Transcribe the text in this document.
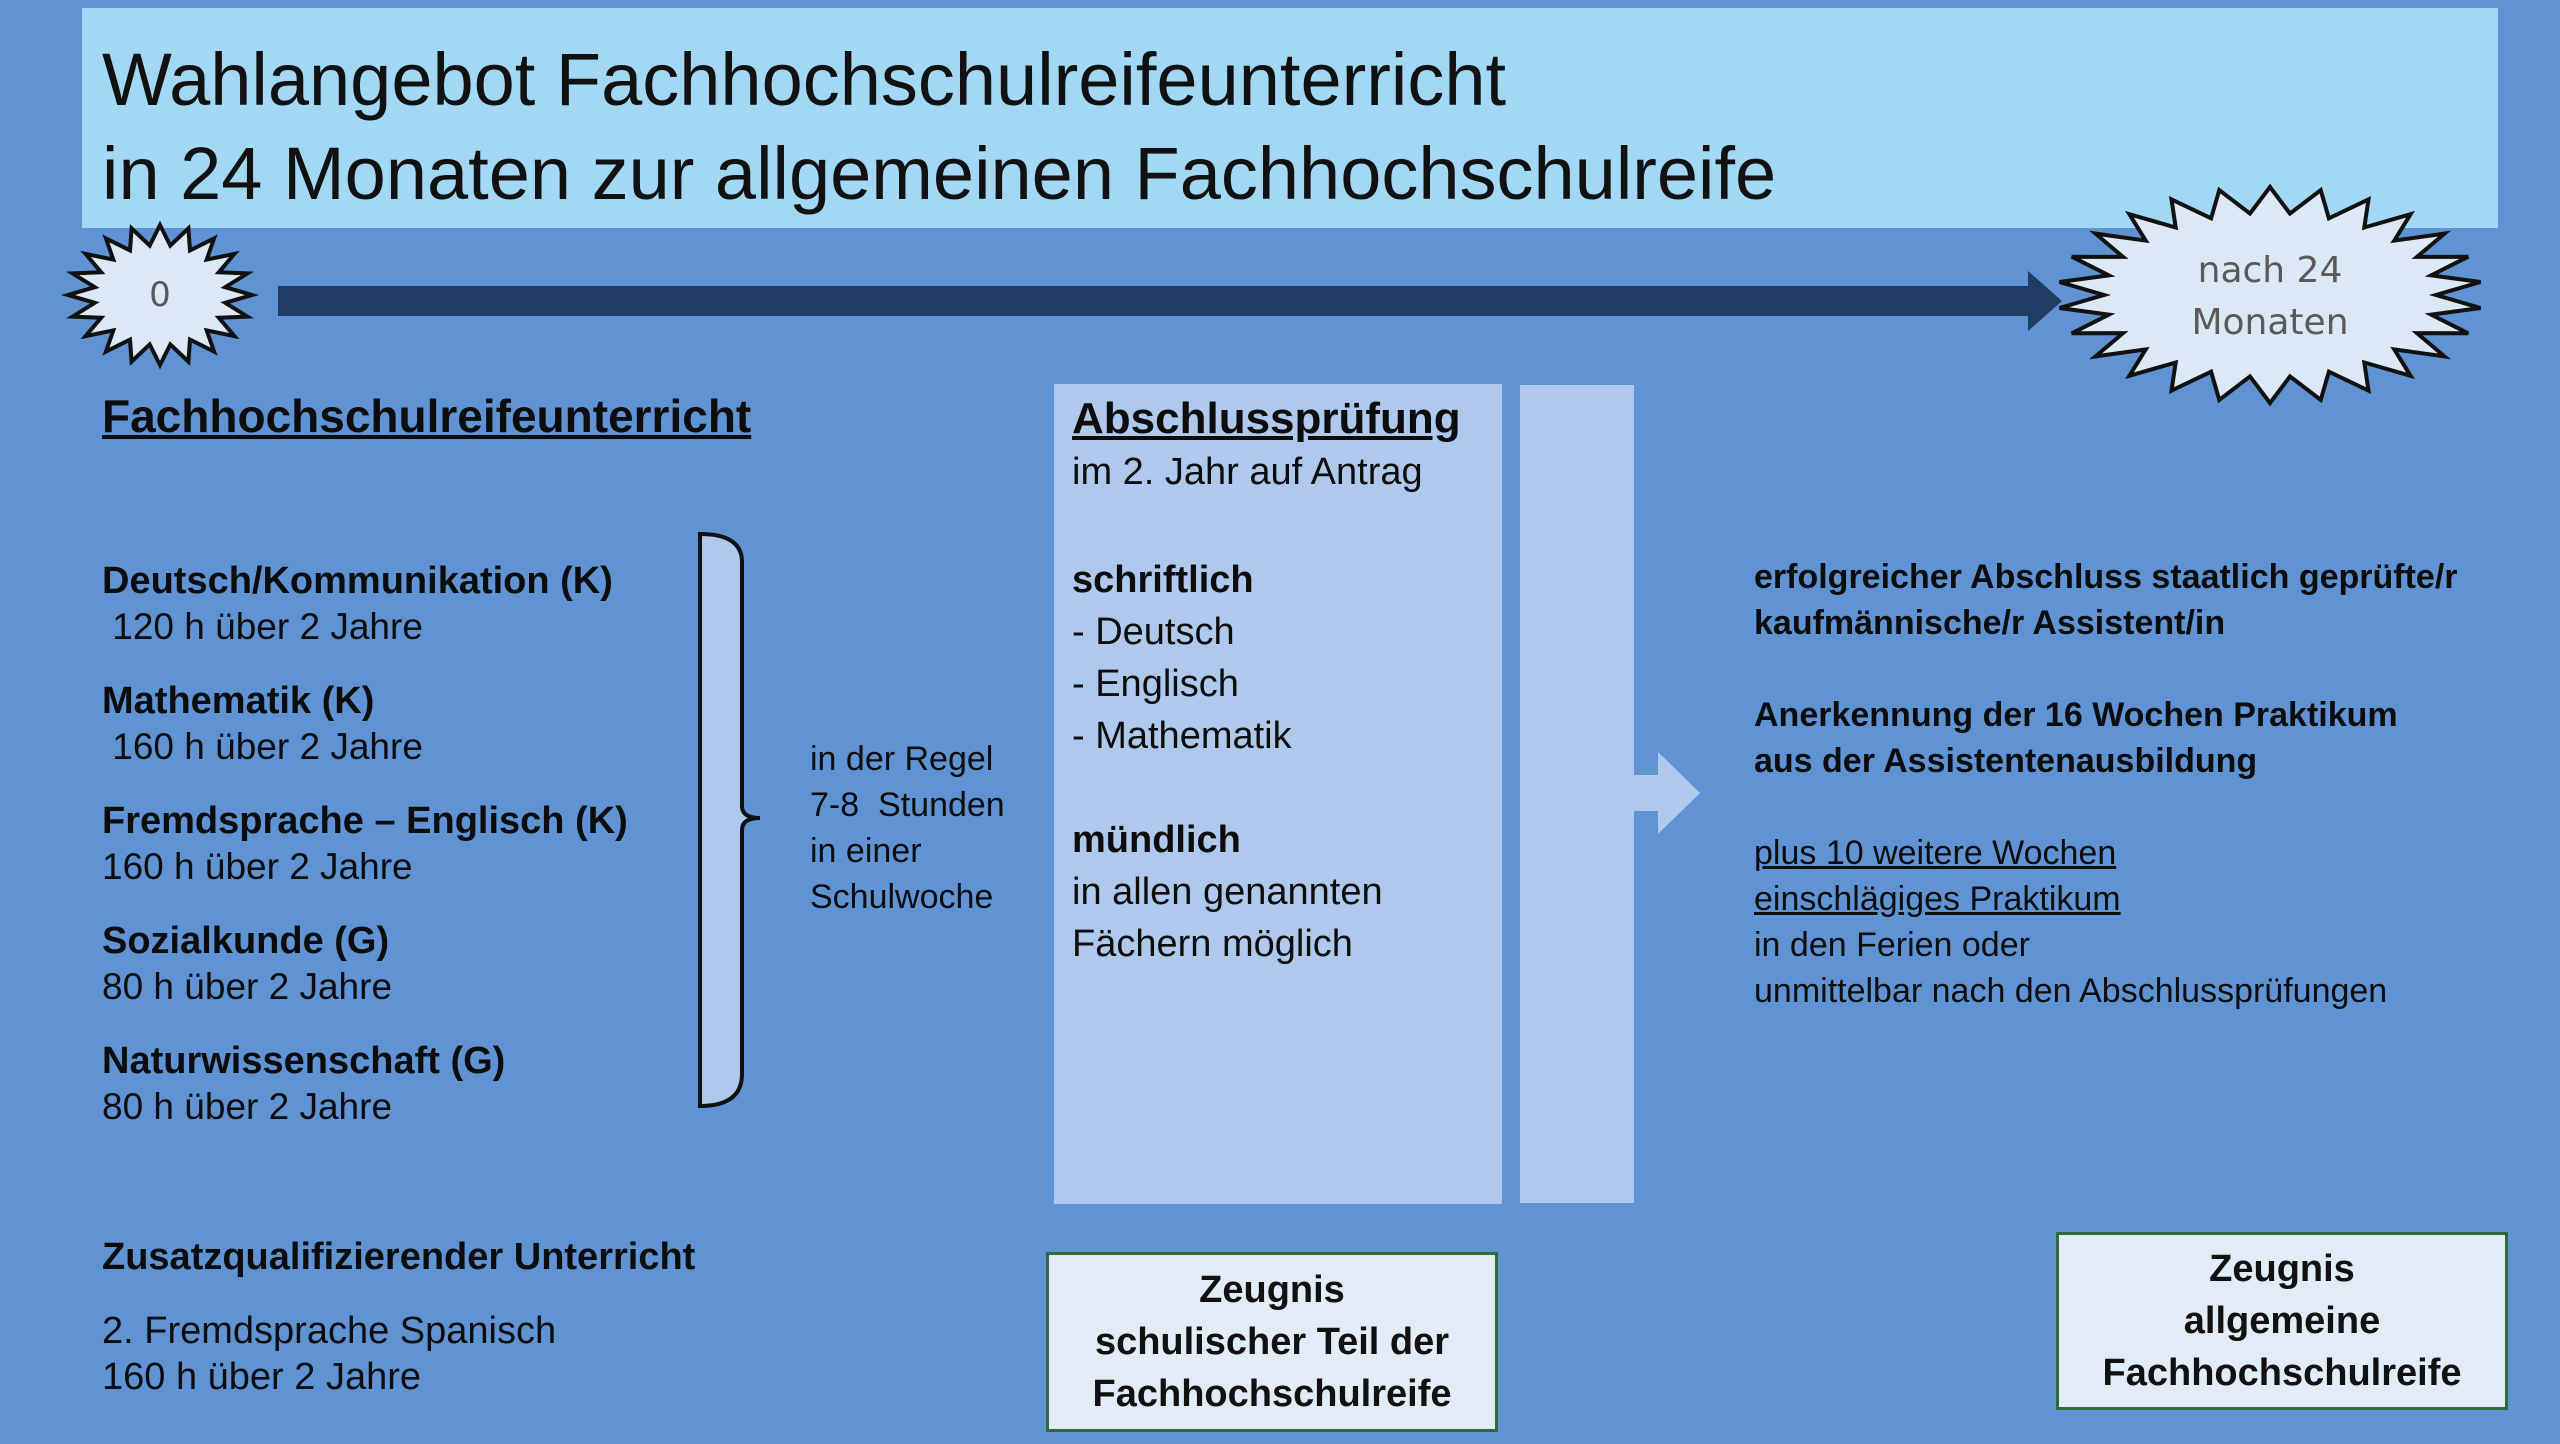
Wahlangebot Fachhochschulreifeunterricht
in 24 Monaten zur allgemeinen Fachhochschulreife
0
nach 24
Monaten
Fachhochschulreifeunterricht
Deutsch/Kommunikation (K)
120 h über 2 Jahre
Mathematik (K)
160 h über 2 Jahre
Fremdsprache – Englisch (K)
160 h über 2 Jahre
Sozialkunde (G)
80 h über 2 Jahre
Naturwissenschaft (G)
80 h über 2 Jahre
in der Regel
7-8  Stunden
in einer
Schulwoche
Zusatzqualifizierender Unterricht
2. Fremdsprache Spanisch
160 h über 2 Jahre
Abschlussprüfung
im 2. Jahr auf Antrag
schriftlich
- Deutsch
- Englisch
- Mathematik
mündlich
in allen genannten
Fächern möglich
erfolgreicher Abschluss staatlich geprüfte/r
kaufmännische/r Assistent/in
Anerkennung der 16 Wochen Praktikum
aus der Assistentenausbildung
plus 10 weitere Wochen
einschlägiges Praktikum
in den Ferien oder
unmittelbar nach den Abschlussprüfungen
Zeugnis
schulischer Teil der
Fachhochschulreife
Zeugnis
allgemeine
Fachhochschulreife
